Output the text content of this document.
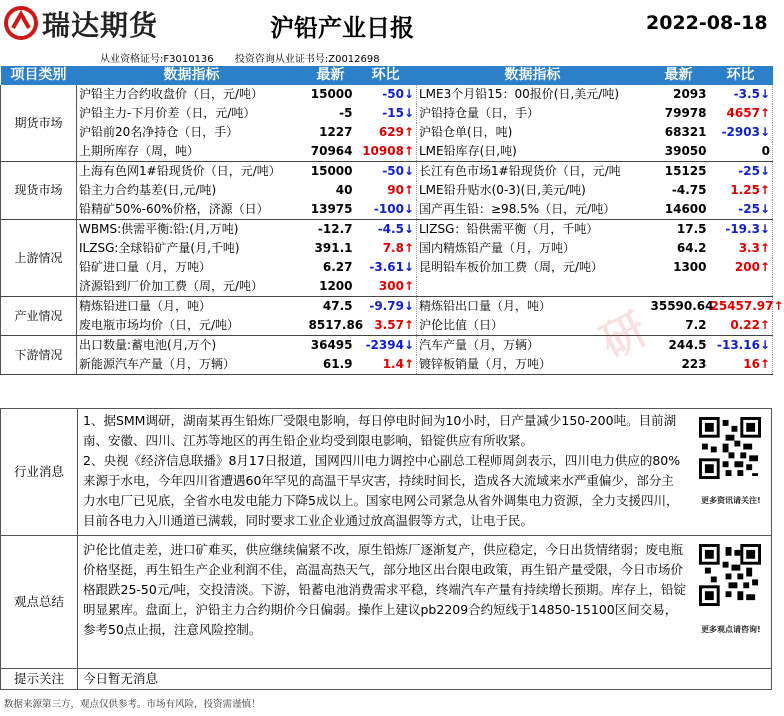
瑞达期货	沪铅产业日报	2022-08-18
从业资格证号:F3010136 投资咨询从业证书号:Z0012698
项目类别	数据指标	最新	环比	数据指标	最新	环比
期货市场	沪铅主力合约收盘价（日，元/吨）	15000	-50↓	LME3个月铅15：00报价(日,美元/吨)	2093	-3.5↓
	沪铅主力-下月价差（日，元/吨）	-5	-15↓	沪铅持仓量（日，手）	79978	4657↑
	沪铅前20名净持仓（日，手）	1227	629↑	沪铅仓单(日，吨)	68321	-2903↓
	上期所库存（周，吨）	70964	10908↑	LME铅库存(日,吨)	39050	0
现货市场	上海有色网1#铅现货价（日，元/吨）	15000	-50↓	长江有色市场1#铅现货价（日，元/吨	15125	-25↓
	铅主力合约基差(日,元/吨)	40	90↑	LME铅升贴水(0-3)(日,美元/吨)	-4.75	1.25↑
	铅精矿50%-60%价格，济源（日）	13975	-100↓	国产再生铅：≥98.5%（日，元/吨）	14600	-25↓
上游情况	WBMS:供需平衡:铅:(月,万吨)	-12.7	-4.5↓	LIZSG：铅供需平衡（月，千吨）	17.5	-19.3↓
	ILZSG:全球铅矿产量(月,千吨)	391.1	7.8↑	国内精炼铅产量（月，万吨）	64.2	3.3↑
	铅矿进口量（月，万吨）	6.27	-3.61↓	昆明铅车板价加工费（周，元/吨）	1300	200↑
	济源铅到厂价加工费（周，元/吨）	1200	300↑			
产业情况	精炼铅进口量（月，吨）	47.5	-9.79↓	精炼铅出口量（月，吨）	35590.64	25457.97↑
	废电瓶市场均价（日，元/吨）	8517.86	3.57↑	沪伦比值（日）	7.2	0.22↑
下游情况	出口数量:蓄电池(月,万个)	36495	-2394↓	汽车产量（月，万辆）	244.5	-13.16↓
	新能源汽车产量（月，万辆）	61.9	1.4↑	镀锌板销量（月，万吨）	223	16↑
行业消息
1、据SMM调研，湖南某再生铅炼厂受限电影响，每日停电时间为10小时，日产量减少150-200吨。目前湖南、安徽、四川、江苏等地区的再生铅企业均受到限电影响，铅锭供应有所收紧。
2、央视《经济信息联播》8月17日报道，国网四川电力调控中心副总工程师周剑表示，四川电力供应的80%来源于水电，今年四川省遭遇60年罕见的高温干旱灾害，持续时间长，造成各大流域来水严重偏少，部分主力水电厂已见底，全省水电发电能力下降5成以上。国家电网公司紧急从省外调集电力资源，全力支援四川，目前各电力入川通道已满载，同时要求工业企业通过放高温假等方式，让电于民。
更多资讯请关注!
观点总结
沪伦比值走差，进口矿难买，供应继续偏紧不改，原生铅炼厂逐渐复产，供应稳定，今日出货情绪弱；废电瓶价格坚挺，再生铅生产企业利润不佳，高温高热天气，部分地区出台限电政策，再生铅产量受限，今日市场价格跟跌25-50元/吨，交投清淡。下游，铅蓄电池消费需求平稳，终端汽车产量有持续增长预期。库存上，铅锭明显累库。盘面上，沪铅主力合约期价今日偏弱。操作上建议pb2209合约短线于14850-15100区间交易，参考50点止损，注意风险控制。	更多观点请咨询!
提示关注	今日暂无消息
数据来源第三方，观点仅供参考。市场有风险，投资需谨慎！
研
